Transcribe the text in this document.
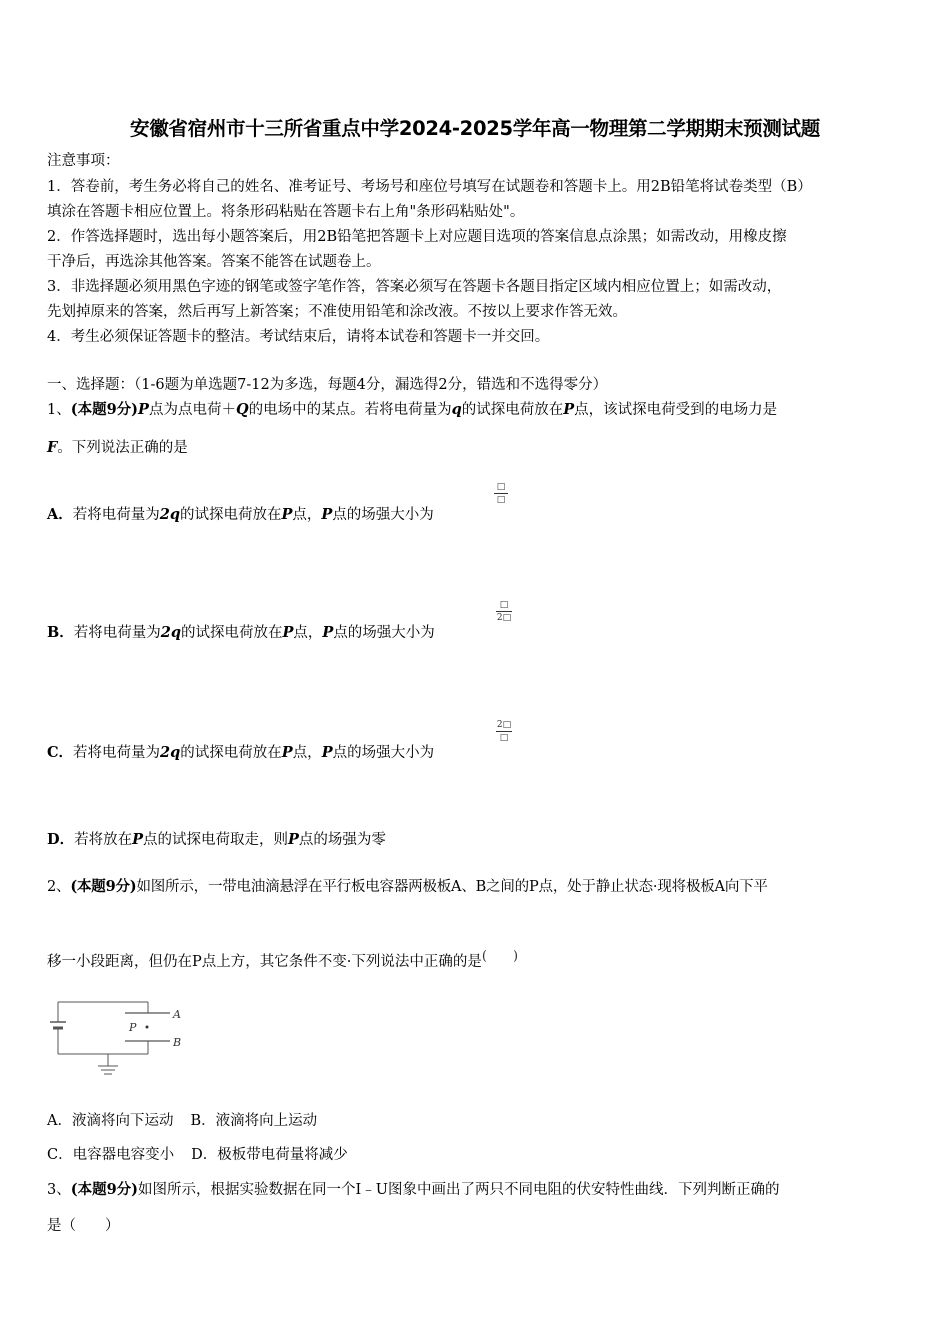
安徽省宿州市十三所省重点中学2024-2025学年高一物理第二学期期末预测试题
注意事项：
1．答卷前，考生务必将自己的姓名、准考证号、考场号和座位号填写在试题卷和答题卡上。用2B铅笔将试卷类型（B）
填涂在答题卡相应位置上。将条形码粘贴在答题卡右上角"条形码粘贴处"。
2．作答选择题时，选出每小题答案后，用2B铅笔把答题卡上对应题目选项的答案信息点涂黑；如需改动，用橡皮擦
干净后，再选涂其他答案。答案不能答在试题卷上。
3．非选择题必须用黑色字迹的钢笔或签字笔作答，答案必须写在答题卡各题目指定区域内相应位置上；如需改动，
先划掉原来的答案，然后再写上新答案；不准使用铅笔和涂改液。不按以上要求作答无效。
4．考生必须保证答题卡的整洁。考试结束后，请将本试卷和答题卡一并交回。
一、选择题：（1-6题为单选题7-12为多选，每题4分，漏选得2分，错选和不选得零分）
1、(本题9分)P点为点电荷＋Q的电场中的某点。若将电荷量为q的试探电荷放在P点，该试探电荷受到的电场力是
F。下列说法正确的是
A．若将电荷量为2q的试探电荷放在P点，P点的场强大小为
□
□
B．若将电荷量为2q的试探电荷放在P点，P点的场强大小为
□
2□
C．若将电荷量为2q的试探电荷放在P点，P点的场强大小为
2□
□
D．若将放在P点的试探电荷取走，则P点的场强为零
2、(本题9分)如图所示，一带电油滴悬浮在平行板电容器两极板A、B之间的P点，处于静止状态·现将极板A向下平
移一小段距离，但仍在P点上方，其它条件不变·下列说法中正确的是(　　)
P
A
B
A．液滴将向下运动 B．液滴将向上运动
C．电容器电容变小 D．极板带电荷量将减少
3、(本题9分)如图所示，根据实验数据在同一个I﹣U图象中画出了两只不同电阻的伏安特性曲线．下列判断正确的
是（　　）
